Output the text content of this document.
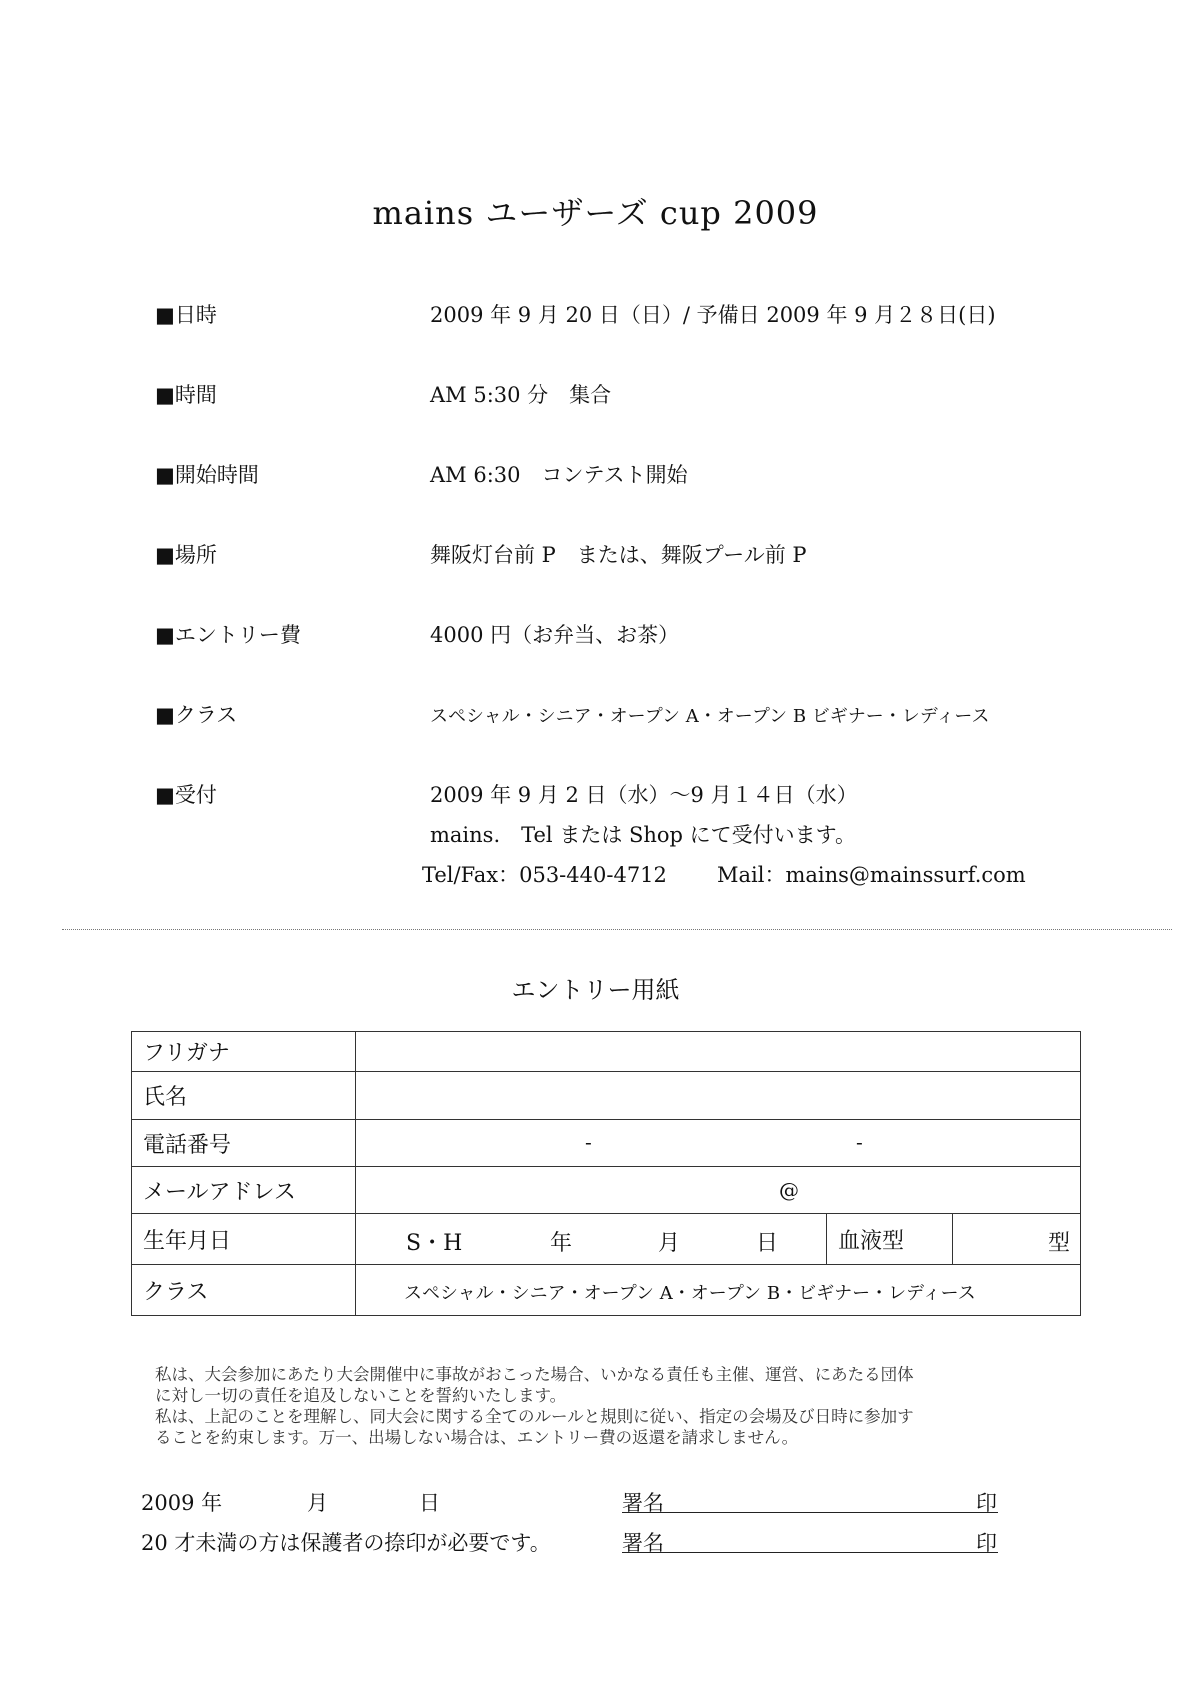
mains ユーザーズ cup 2009
■日時	2009 年 9 月 20 日（日）/ 予備日 2009 年 9 月２８日(日)
■時間	AM 5:30 分　集合
■開始時間	AM 6:30　コンテスト開始
■場所	舞阪灯台前 P　または、舞阪プール前 P
■エントリー費	4000 円（お弁当、お茶）
■クラス	スペシャル・シニア・オープン A・オープン B ビギナー・レディース
■受付	2009 年 9 月 2 日（水）～9 月１４日（水）
mains.　Tel または Shop にて受付います。
Tel/Fax：053-440-4712 Mail：mains@mainssurf.com
エントリー用紙
フリガナ			
氏名			
電話番号	- -		

メールアドレス	@		

生年月日	S・H 年 月 日	血液型	型

クラス	スペシャル・シニア・オープン A・オープン B・ビギナー・レディース		
私は、大会参加にあたり大会開催中に事故がおこった場合、いかなる責任も主催、運営、にあたる団体
に対し一切の責任を追及しないことを誓約いたします。
私は、上記のことを理解し、同大会に関する全てのルールと規則に従い、指定の会場及び日時に参加す
ることを約束します。万一、出場しない場合は、エントリー費の返還を請求しません。
2009 年	月	日
20 才未満の方は保護者の捺印が必要です。
署名	印
署名	印
